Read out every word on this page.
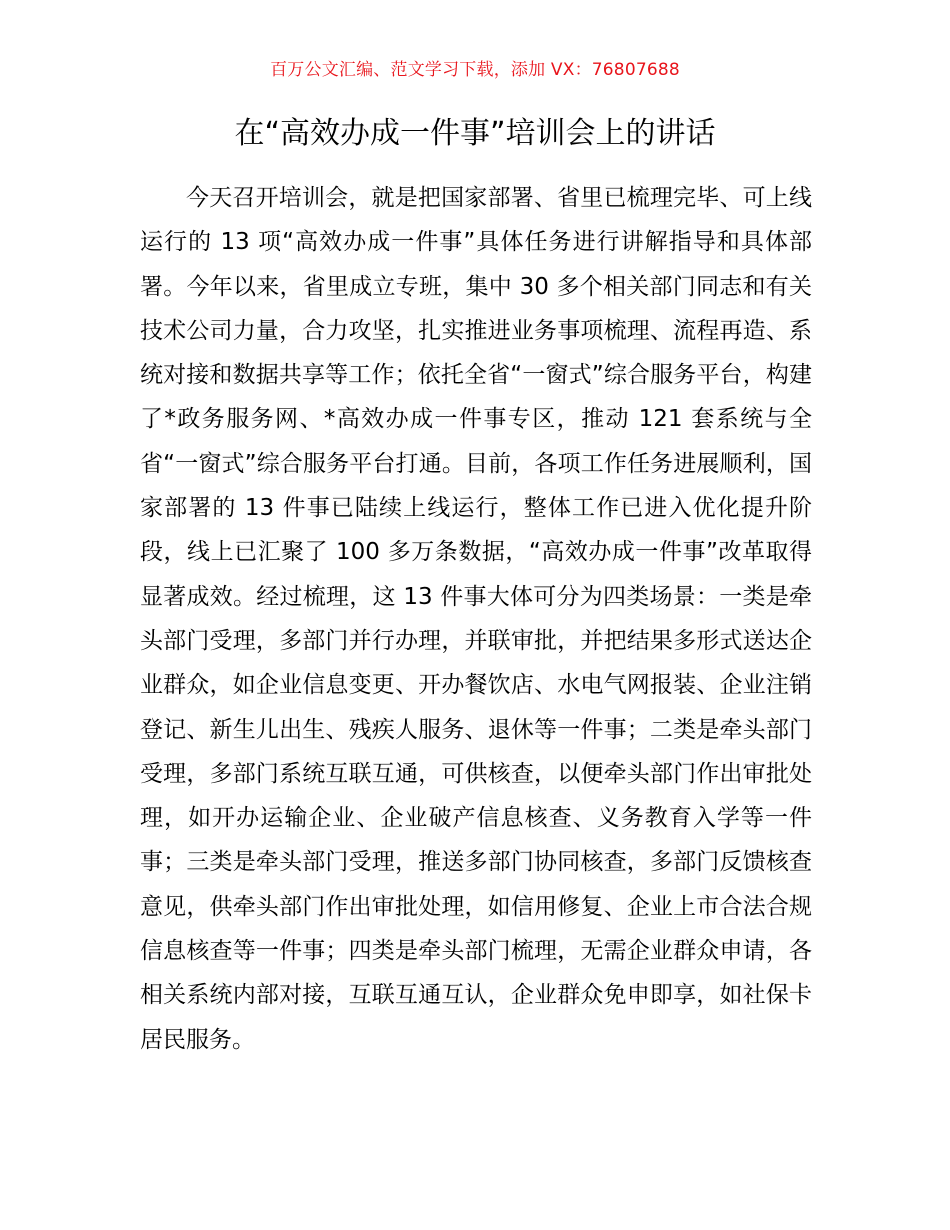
百万公文汇编、范文学习下载，添加 VX：76807688
在“高效办成一件事”培训会上的讲话

今天召开培训会，就是把国家部署、省里已梳理完毕、可上线运行的 13 项“高效办成一件事”具体任务进行讲解指导和具体部署。今年以来，省里成立专班，集中 30 多个相关部门同志和有关技术公司力量，合力攻坚，扎实推进业务事项梳理、流程再造、系统对接和数据共享等工作；依托全省“一窗式”综合服务平台，构建了*政务服务网、*高效办成一件事专区，推动 121 套系统与全省“一窗式”综合服务平台打通。目前，各项工作任务进展顺利，国家部署的 13 件事已陆续上线运行，整体工作已进入优化提升阶段，线上已汇聚了 100 多万条数据，“高效办成一件事”改革取得显著成效。经过梳理，这 13 件事大体可分为四类场景：一类是牵头部门受理，多部门并行办理，并联审批，并把结果多形式送达企业群众，如企业信息变更、开办餐饮店、水电气网报装、企业注销登记、新生儿出生、残疾人服务、退休等一件事；二类是牵头部门受理，多部门系统互联互通，可供核查，以便牵头部门作出审批处理，如开办运输企业、企业破产信息核查、义务教育入学等一件事；三类是牵头部门受理，推送多部门协同核查，多部门反馈核查意见，供牵头部门作出审批处理，如信用修复、企业上市合法合规信息核查等一件事；四类是牵头部门梳理，无需企业群众申请，各相关系统内部对接，互联互通互认，企业群众免申即享，如社保卡居民服务。
